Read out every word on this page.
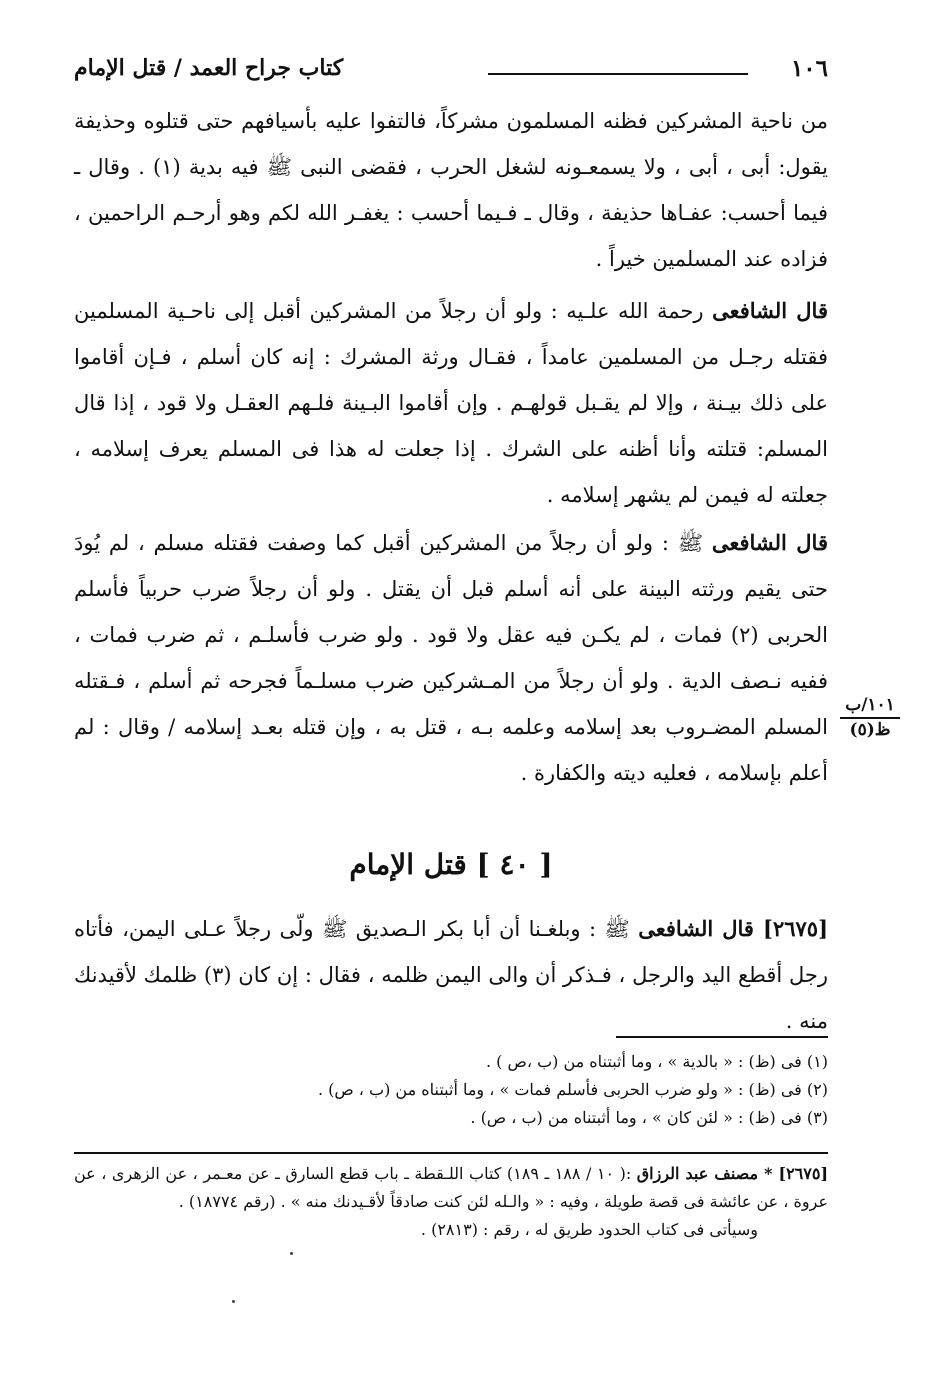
١٠٦
كتاب جراح العمد / قتل الإمام

من ناحية المشركين فظنه المسلمون مشركاً، فالتفوا عليه بأسيافهم حتى قتلوه وحذيفة يقول: أبى ، أبى ، ولا يسمعـونه لشغل الحرب ، فقضى النبى ﷺ فيه بدية (١) . وقال ـ فيما أحسب: عفـاها حذيفة ، وقال ـ فـيما أحسب : يغفـر الله لكم وهو أرحـم الراحمين ، فزاده عند المسلمين خيراً .

قال الشافعى رحمة الله علـيه : ولو أن رجلاً من المشركين أقبل إلى ناحـية المسلمين فقتله رجـل من المسلمين عامداً ، فقـال ورثة المشرك : إنه كان أسلم ، فـإن أقاموا على ذلك بيـنة ، وإلا لم يقـبل قولهـم . وإن أقاموا البـينة فلـهم العقـل ولا قود ، إذا قال المسلم: قتلته وأنا أظنه على الشرك . إذا جعلت له هذا فى المسلم يعرف إسلامه ، جعلته له فيمن لم يشهر إسلامه .

قال الشافعى ﷺ : ولو أن رجلاً من المشركين أقبل كما وصفت فقتله مسلم ، لم يُودَ حتى يقيم ورثته البينة على أنه أسلم قبل أن يقتل . ولو أن رجلاً ضرب حربياً فأسلم الحربى (٢) فمات ، لم يكـن فيه عقل ولا قود . ولو ضرب فأسلـم ، ثم ضرب فمات ، ففيه نـصف الدية . ولو أن رجلاً من المـشركين ضرب مسلـماً فجرحه ثم أسلم ، فـقتله المسلم المضـروب بعد إسلامه وعلمه بـه ، قتل به ، وإن قتله بعـد إسلامه / وقال : لم أعلم بإسلامه ، فعليه ديته والكفارة .

١٠١/ب
ظ(٥)
[ ٤٠ ] قتل الإمام

[٢٦٧٥] قال الشافعى ﷺ : وبلغـنا أن أبا بكر الـصديق ﷺ ولّى رجلاً عـلى اليمن، فأتاه رجل أقطع اليد والرجل ، فـذكر أن والى اليمن ظلمه ، فقال : إن كان (٣) ظلمك لأقيدنك منه .

(١) فى (ظ) : « بالدية » ، وما أثبتناه من (ب ،ص ) .
(٢) فى (ظ) : « ولو ضرب الحربى فأسلم فمات » ، وما أثبتناه من (ب ، ص) .
(٣) فى (ظ) : « لئن كان » ، وما أثبتناه من (ب ، ص) .
[٢٦٧٥] * مصنف عبد الرزاق :( ١٠ / ١٨٨ ـ ١٨٩) كتاب اللـقطة ـ باب قطع السارق ـ عن معـمر ، عن الزهرى ، عن عروة ، عن عائشة فى قصة طويلة ، وفيه : « والـله لئن كنت صادقاً لأقـيدنك منه » . (رقم ١٨٧٧٤) .
وسيأتى فى كتاب الحدود طريق له ، رقم : (٢٨١٣) .
